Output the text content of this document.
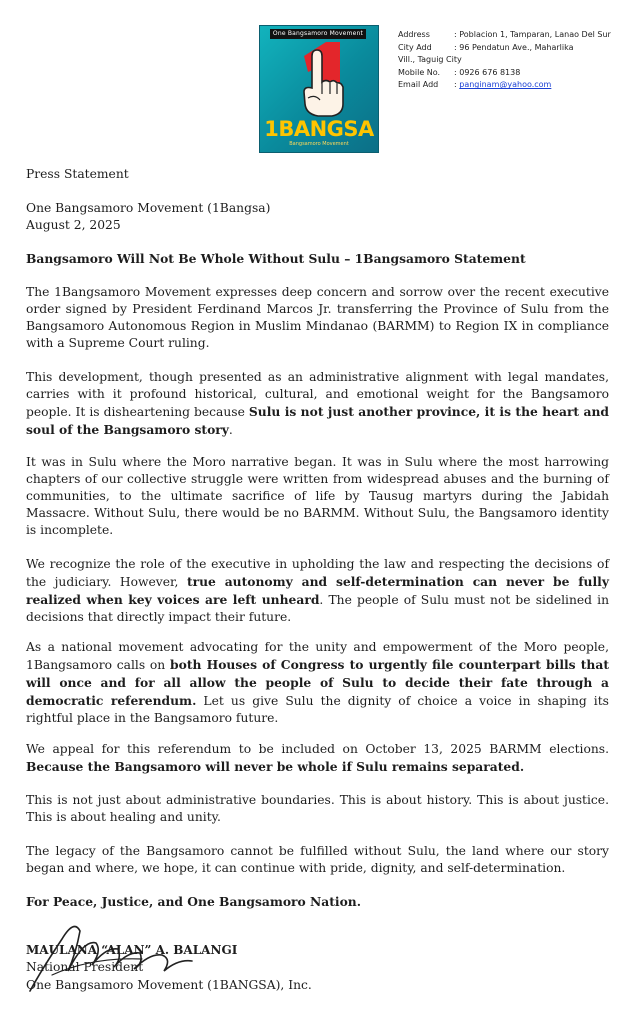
One Bangsamoro Movement
1BANGSA
Bangsamoro Movement
Address	: Poblacion 1, Tamparan, Lanao Del Sur
City Add	: 96 Pendatun Ave., Maharlika
Vill., Taguig City
Mobile No.	: 0926 676 8138
Email Add	: panginam@yahoo.com
Press Statement
One Bangsamoro Movement (1Bangsa)
August 2, 2025
Bangsamoro Will Not Be Whole Without Sulu – 1Bangsamoro Statement
The 1Bangsamoro Movement expresses deep concern and sorrow over the recent executive order signed by President Ferdinand Marcos Jr. transferring the Province of Sulu from the Bangsamoro Autonomous Region in Muslim Mindanao (BARMM) to Region IX in compliance with a Supreme Court ruling.
This development, though presented as an administrative alignment with legal mandates, carries with it profound historical, cultural, and emotional weight for the Bangsamoro people. It is disheartening because Sulu is not just another province, it is the heart and soul of the Bangsamoro story.
It was in Sulu where the Moro narrative began. It was in Sulu where the most harrowing chapters of our collective struggle were written from widespread abuses and the burning of communities, to the ultimate sacrifice of life by Tausug martyrs during the Jabidah Massacre. Without Sulu, there would be no BARMM. Without Sulu, the Bangsamoro identity is incomplete.
We recognize the role of the executive in upholding the law and respecting the decisions of the judiciary. However, true autonomy and self-determination can never be fully realized when key voices are left unheard. The people of Sulu must not be sidelined in decisions that directly impact their future.
As a national movement advocating for the unity and empowerment of the Moro people, 1Bangsamoro calls on both Houses of Congress to urgently file counterpart bills that will once and for all allow the people of Sulu to decide their fate through a democratic referendum. Let us give Sulu the dignity of choice a voice in shaping its rightful place in the Bangsamoro future.
We appeal for this referendum to be included on October 13, 2025 BARMM elections. Because the Bangsamoro will never be whole if Sulu remains separated.
This is not just about administrative boundaries. This is about history. This is about justice. This is about healing and unity.
The legacy of the Bangsamoro cannot be fulfilled without Sulu, the land where our story began and where, we hope, it can continue with pride, dignity, and self-determination.
For Peace, Justice, and One Bangsamoro Nation.
MAULANA “ALAN” A. BALANGI
National President
One Bangsamoro Movement (1BANGSA), Inc.
